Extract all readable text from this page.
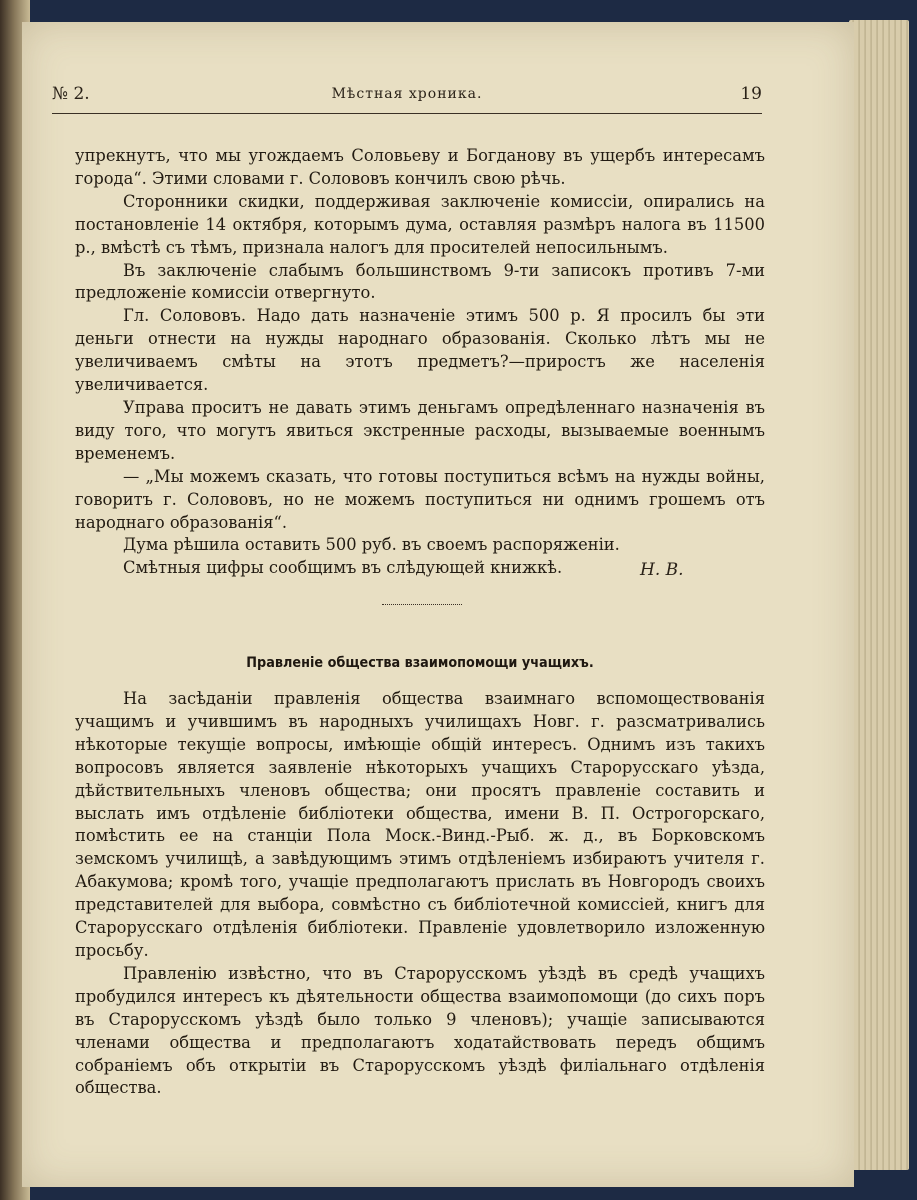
№ 2.	Мѣстная хроника.	19

упрекнутъ, что мы угождаемъ Соловьеву и Богданову въ ущербъ интересамъ города“. Этими словами г. Солововъ кончилъ свою рѣчь.

Сторонники скидки, поддерживая заключеніе комиссіи, опирались на постановленіе 14 октября, которымъ дума, оставляя размѣръ налога въ 11500 р., вмѣстѣ съ тѣмъ, признала налогъ для просителей непосильнымъ.

Въ заключеніе слабымъ большинствомъ 9-ти записокъ противъ 7-ми предложеніе комиссіи отвергнуто.

Гл. Солововъ. Надо дать назначеніе этимъ 500 р. Я просилъ бы эти деньги отнести на нужды народнаго образованія. Сколько лѣтъ мы не увеличиваемъ смѣты на этотъ предметъ?—приростъ же населенія увеличивается.

Управа проситъ не давать этимъ деньгамъ опредѣленнаго назначенія въ виду того, что могутъ явиться экстренные расходы, вызываемые военнымъ временемъ.

— „Мы можемъ сказать, что готовы поступиться всѣмъ на нужды войны, говоритъ г. Солововъ, но не можемъ поступиться ни однимъ грошемъ отъ народнаго образованія“.

Дума рѣшила оставить 500 руб. въ своемъ распоряженіи.

Смѣтныя цифры сообщимъ въ слѣдующей книжкѣ.	Н. В.
Правленіе общества взаимопомощи учащихъ.

На засѣданіи правленія общества взаимнаго вспомоществованія учащимъ и учившимъ въ народныхъ училищахъ Новг. г. разсматривались нѣкоторые текущіе вопросы, имѣющіе общій интересъ. Однимъ изъ такихъ вопросовъ является заявленіе нѣкоторыхъ учащихъ Старорусскаго уѣзда, дѣйствительныхъ членовъ общества; они просятъ правленіе составить и выслать имъ отдѣленіе библіотеки общества, имени В. П. Острогорскаго, помѣстить ее на станціи Пола Моск.-Винд.-Рыб. ж. д., въ Борковскомъ земскомъ училищѣ, а завѣдующимъ этимъ отдѣленіемъ избираютъ учителя г. Абакумова; кромѣ того, учащіе предполагаютъ прислать въ Новгородъ своихъ представителей для выбора, совмѣстно съ библіотечной комиссіей, книгъ для Старорусскаго отдѣленія библіотеки. Правленіе удовлетворило изложенную просьбу.

Правленію извѣстно, что въ Старорусскомъ уѣздѣ въ средѣ учащихъ пробудился интересъ къ дѣятельности общества взаимопомощи (до сихъ поръ въ Старорусскомъ уѣздѣ было только 9 членовъ); учащіе записываются членами общества и предполагаютъ ходатайствовать передъ общимъ собраніемъ объ открытіи въ Старорусскомъ уѣздѣ филіальнаго отдѣленія общества.
